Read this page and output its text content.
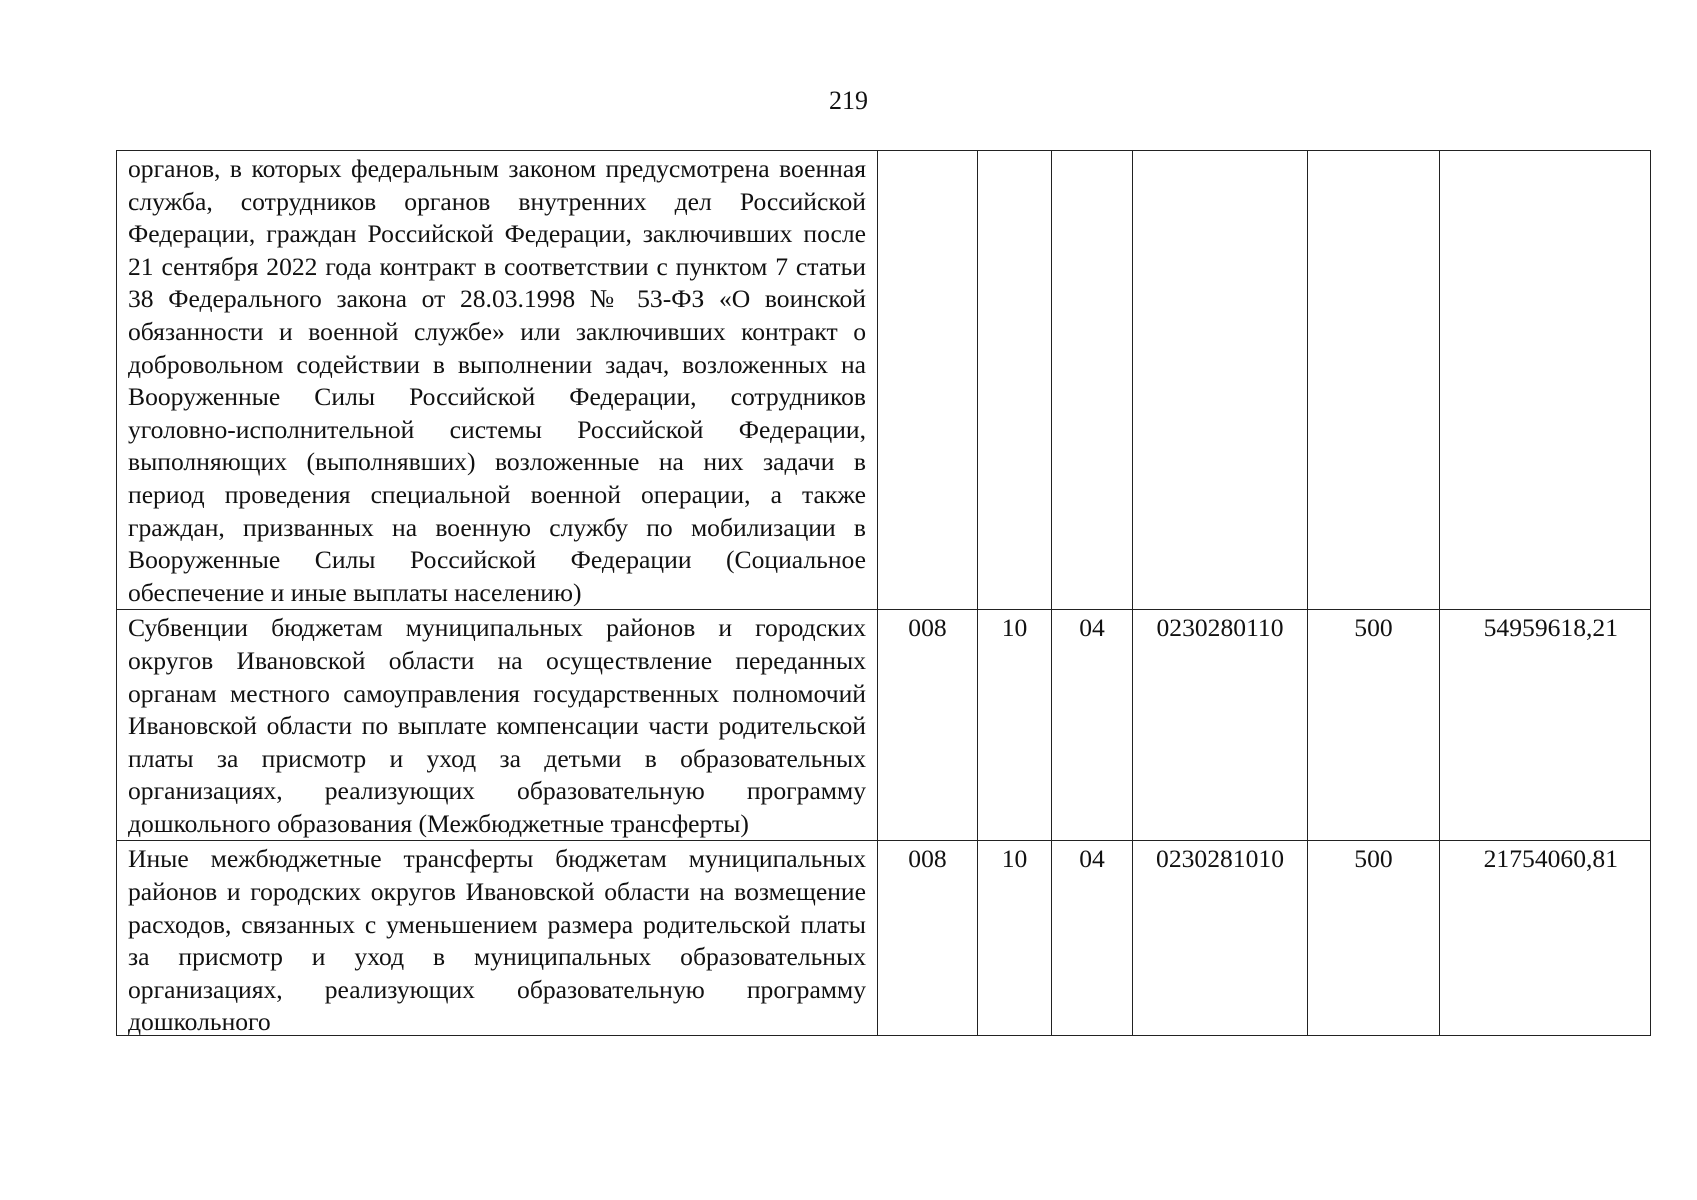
219
органов, в которых федеральным законом предусмотрена военная служба, сотрудников органов внутренних дел Российской Федерации, граждан Российской Федерации, заключивших после 21 сентября 2022 года контракт в соответствии с пунктом 7 статьи 38 Федерального закона от 28.03.1998 № 53-ФЗ «О воинской обязанности и военной службе» или заключивших контракт о добровольном содействии в выполнении задач, возложенных на Вооруженные Силы Российской Федерации, сотрудников уголовно-исполнительной системы Российской Федерации, выполняющих (выполнявших) возложенные на них задачи в период проведения специальной военной операции, а также граждан, призванных на военную службу по мобилизации в Вооруженные Силы Российской Федерации (Социальное обеспечение и иные выплаты населению)						
Субвенции бюджетам муниципальных районов и городских округов Ивановской области на осуществление переданных органам местного самоуправления государственных полномочий Ивановской области по выплате компенсации части родительской платы за присмотр и уход за детьми в образовательных организациях, реализующих образовательную программу дошкольного образования (Межбюджетные трансферты)	008	10	04	0230280110	500	54959618,21

Иные межбюджетные трансферты бюджетам муниципальных районов и городских округов Ивановской области на возмещение расходов, связанных с уменьшением размера родительской платы за присмотр и уход в муниципальных образовательных организациях, реализующих образовательную программу дошкольного	008	10	04	0230281010	500	21754060,81
